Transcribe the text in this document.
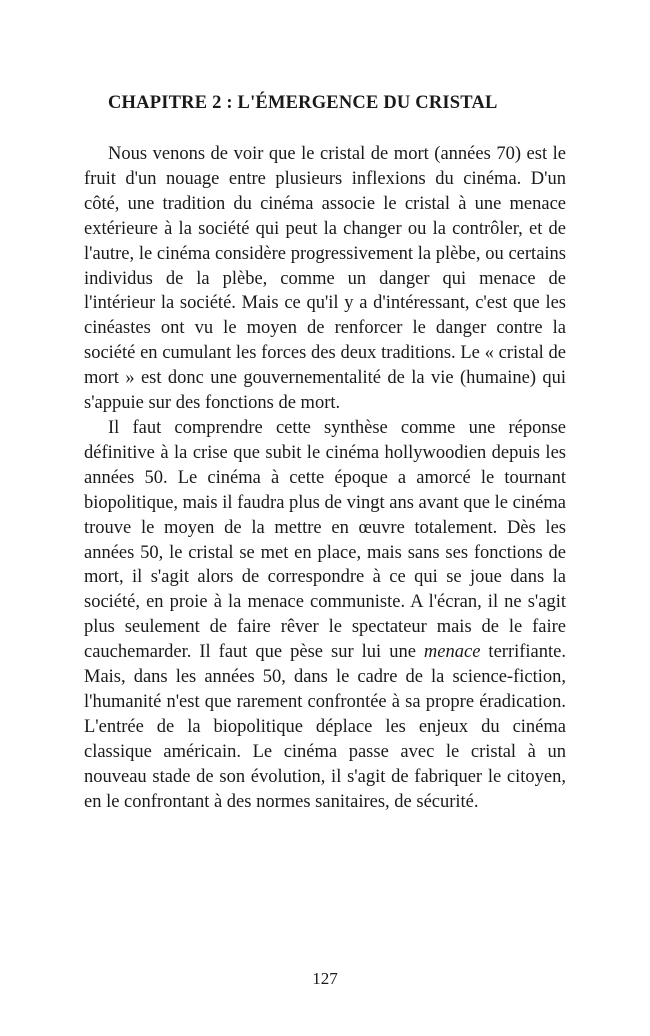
CHAPITRE 2 : L'ÉMERGENCE DU CRISTAL

Nous venons de voir que le cristal de mort (années 70) est le fruit d'un nouage entre plusieurs inflexions du cinéma. D'un côté, une tradition du cinéma associe le cristal à une menace extérieure à la société qui peut la changer ou la contrôler, et de l'autre, le cinéma considère progressivement la plèbe, ou certains individus de la plèbe, comme un danger qui menace de l'intérieur la société. Mais ce qu'il y a d'intéressant, c'est que les cinéastes ont vu le moyen de renforcer le danger contre la société en cumulant les forces des deux traditions. Le « cristal de mort » est donc une gouvernementalité de la vie (humaine) qui s'appuie sur des fonctions de mort.

Il faut comprendre cette synthèse comme une réponse définitive à la crise que subit le cinéma hollywoodien depuis les années 50. Le cinéma à cette époque a amorcé le tournant biopolitique, mais il faudra plus de vingt ans avant que le cinéma trouve le moyen de la mettre en œuvre totalement. Dès les années 50, le cristal se met en place, mais sans ses fonctions de mort, il s'agit alors de correspondre à ce qui se joue dans la société, en proie à la menace communiste. A l'écran, il ne s'agit plus seulement de faire rêver le spectateur mais de le faire cauchemarder. Il faut que pèse sur lui une menace terrifiante. Mais, dans les années 50, dans le cadre de la science-fiction, l'humanité n'est que rarement confrontée à sa propre éradication. L'entrée de la biopolitique déplace les enjeux du cinéma classique américain. Le cinéma passe avec le cristal à un nouveau stade de son évolution, il s'agit de fabriquer le citoyen, en le confrontant à des normes sanitaires, de sécurité.

127
